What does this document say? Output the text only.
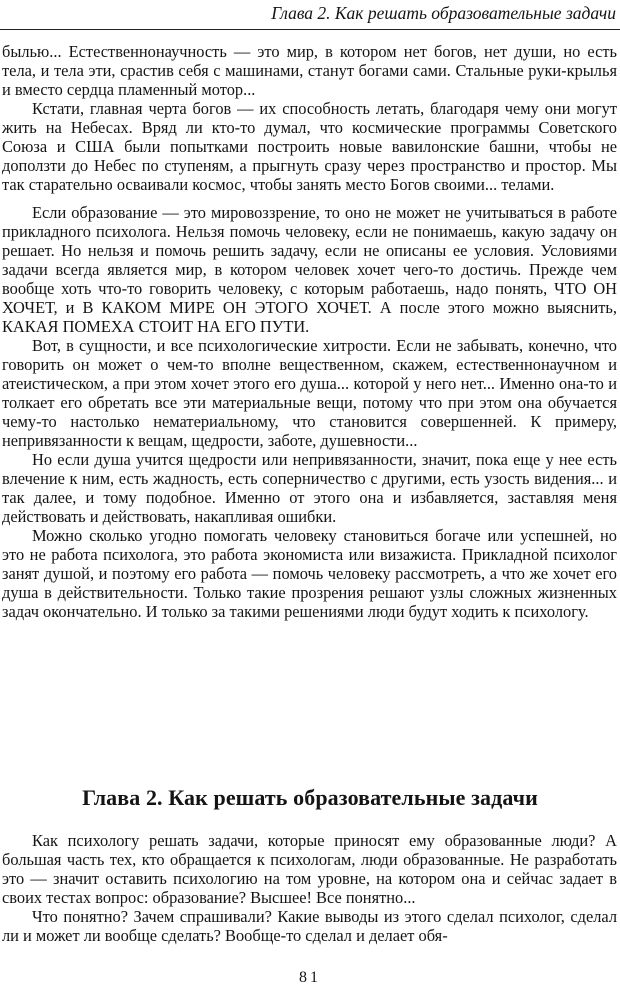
Глава 2. Как решать образовательные задачи

былью... Естественнонаучность — это мир, в котором нет богов, нет души, но есть тела, и тела эти, срастив себя с машинами, станут богами сами. Стальные руки-крылья и вместо сердца пламенный мотор...

Кстати, главная черта богов — их способность летать, благодаря чему они могут жить на Небесах. Вряд ли кто-то думал, что космические программы Советского Союза и США были попытками построить новые вавилонские башни, чтобы не доползти до Небес по ступеням, а прыгнуть сразу через пространство и простор. Мы так старательно осваивали космос, чтобы занять место Богов своими... телами.

Если образование — это мировоззрение, то оно не может не учитываться в работе прикладного психолога. Нельзя помочь человеку, если не понимаешь, какую задачу он решает. Но нельзя и помочь решить задачу, если не описаны ее условия. Условиями задачи всегда является мир, в котором человек хочет чего-то достичь. Прежде чем вообще хоть что-то говорить человеку, с которым работаешь, надо понять, ЧТО ОН ХОЧЕТ, и В КАКОМ МИРЕ ОН ЭТОГО ХОЧЕТ. А после этого можно выяснить, КАКАЯ ПОМЕХА СТОИТ НА ЕГО ПУТИ.

Вот, в сущности, и все психологические хитрости. Если не забывать, конечно, что говорить он может о чем-то вполне вещественном, скажем, естественнонаучном и атеистическом, а при этом хочет этого его душа... которой у него нет... Именно она-то и толкает его обретать все эти материальные вещи, потому что при этом она обучается чему-то настолько нематериальному, что становится совершенней. К примеру, непривязанности к вещам, щедрости, заботе, душевности...

Но если душа учится щедрости или непривязанности, значит, пока еще у нее есть влечение к ним, есть жадность, есть соперничество с другими, есть узость видения... и так далее, и тому подобное. Именно от этого она и избавляется, заставляя меня действовать и действовать, накапливая ошибки.

Можно сколько угодно помогать человеку становиться богаче или успешней, но это не работа психолога, это работа экономиста или визажиста. Прикладной психолог занят душой, и поэтому его работа — помочь человеку рассмотреть, а что же хочет его душа в действительности. Только такие прозрения решают узлы сложных жизненных задач окончательно. И только за такими решениями люди будут ходить к психологу.

Глава 2. Как решать образовательные задачи

Как психологу решать задачи, которые приносят ему образованные люди? А большая часть тех, кто обращается к психологам, люди образованные. Не разработать это — значит оставить психологию на том уровне, на котором она и сейчас задает в своих тестах вопрос: образование? Высшее! Все понятно...

Что понятно? Зачем спрашивали? Какие выводы из этого сделал психолог, сделал ли и может ли вообще сделать? Вообще-то сделал и делает обя-

81
